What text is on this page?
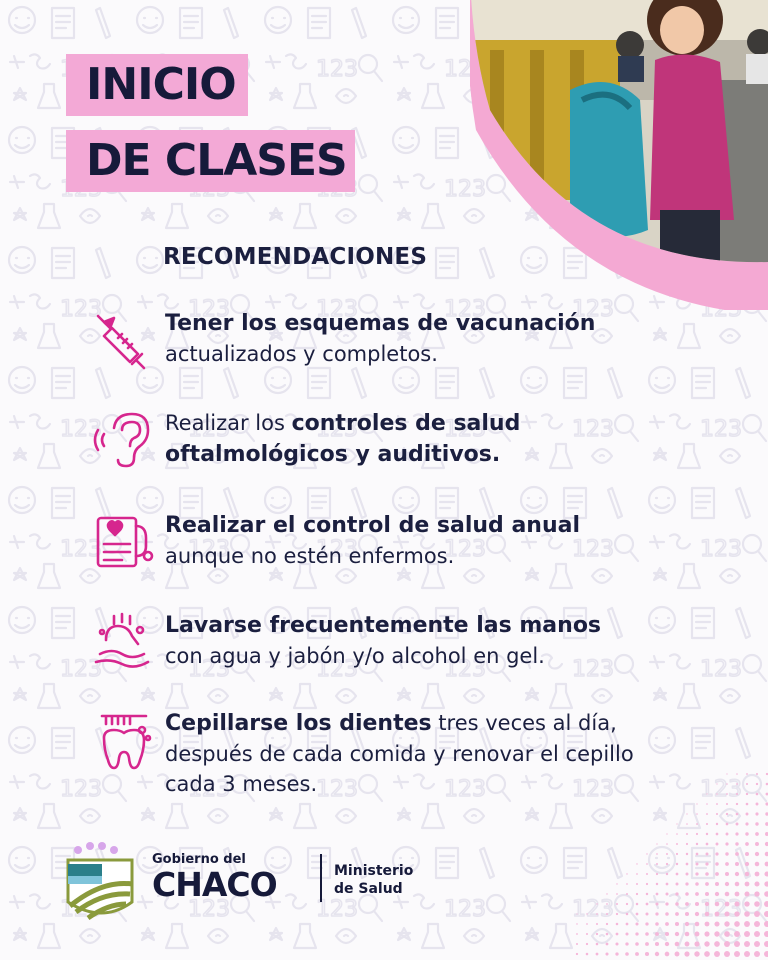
INICIO
DE CLASES
RECOMENDACIONES
Tener los esquemas de vacunación
actualizados y completos.
Realizar los controles de salud
oftalmológicos y auditivos.
Realizar el control de salud anual
aunque no estén enfermos.
Lavarse frecuentemente las manos
con agua y jabón y/o alcohol en gel.
Cepillarse los dientes tres veces al día,
después de cada comida y renovar el cepillo
cada 3 meses.
Gobierno del
CHACO	Ministerio
de Salud
